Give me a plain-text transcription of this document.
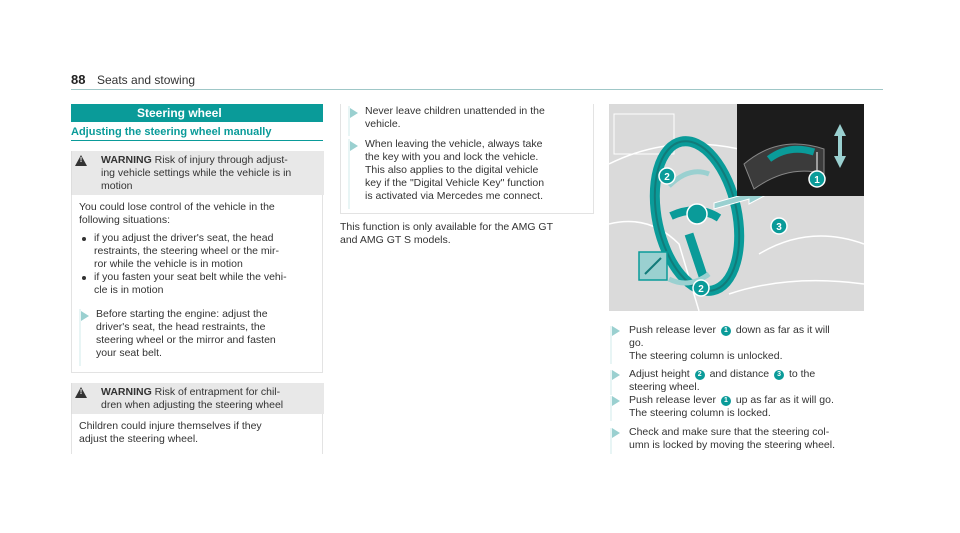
88 Seats and stowing
Steering wheel
Adjusting the steering wheel manually
!	WARNING Risk of injury through adjust-
ing vehicle settings while the vehicle is in
motion
You could lose control of the vehicle in the
following situations:
if you adjust the driver's seat, the head
restraints, the steering wheel or the mir-
ror while the vehicle is in motion
if you fasten your seat belt while the vehi-
cle is in motion
Before starting the engine: adjust the
driver's seat, the head restraints, the
steering wheel or the mirror and fasten
your seat belt.
!	WARNING Risk of entrapment for chil-
dren when adjusting the steering wheel
Children could injure themselves if they
adjust the steering wheel.
Never leave children unattended in the
vehicle.
When leaving the vehicle, always take
the key with you and lock the vehicle.
This also applies to the digital vehicle
key if the "Digital Vehicle Key" function
is activated via Mercedes me connect.
This function is only available for the AMG GT
and AMG GT S models.
1
2
3
2
Push release lever 1 down as far as it will
go.
The steering column is unlocked.
Adjust height 2 and distance 3 to the
steering wheel.
Push release lever 1 up as far as it will go.
The steering column is locked.
Check and make sure that the steering col-
umn is locked by moving the steering wheel.
